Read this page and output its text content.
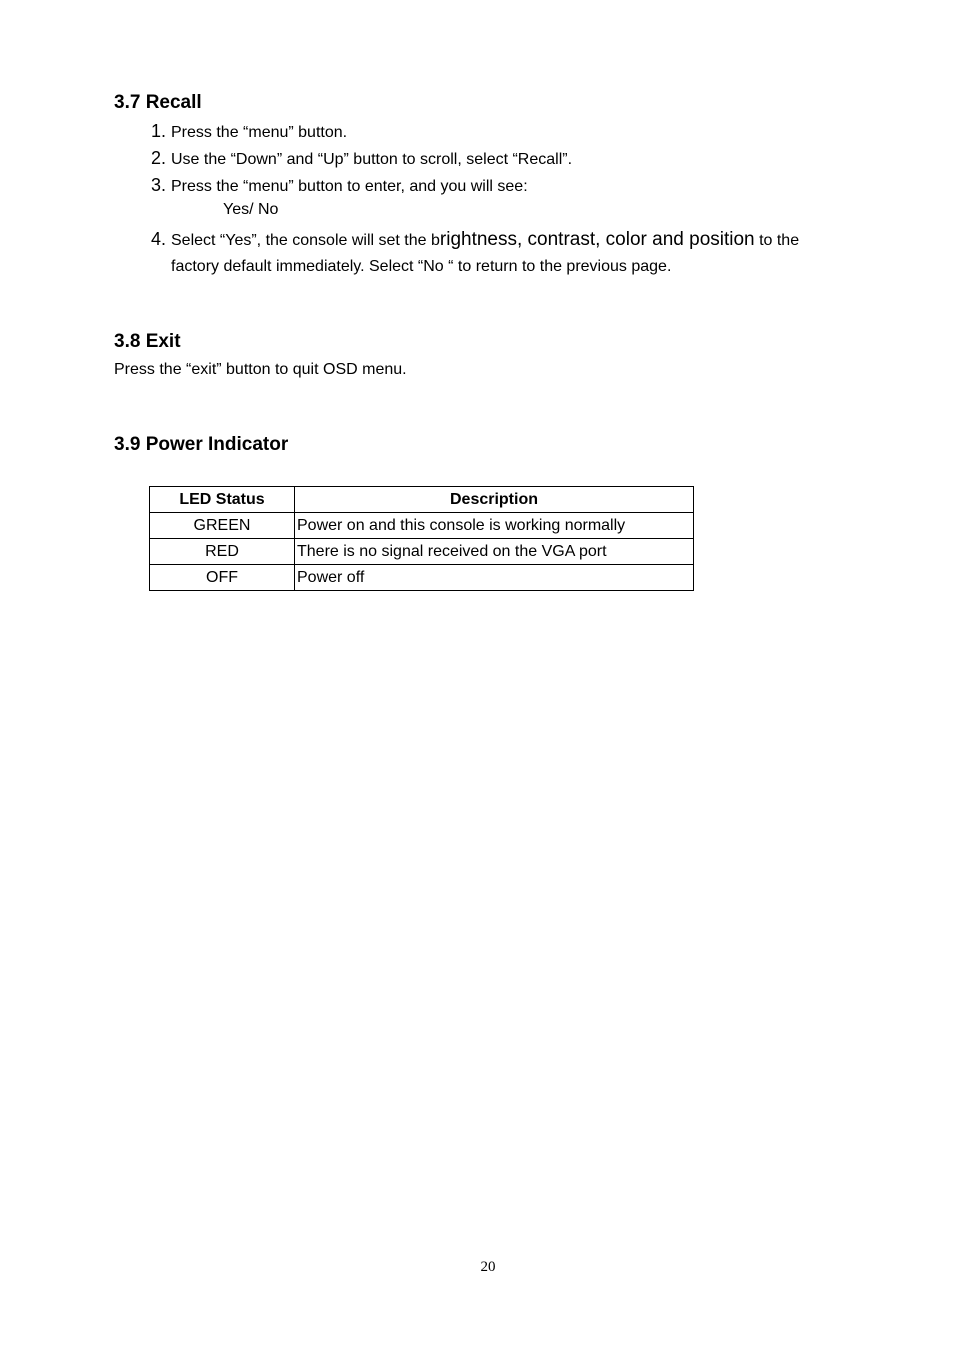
3.7 Recall
1. Press the “menu” button.
2. Use the “Down” and “Up” button to scroll, select “Recall”.
3. Press the “menu” button to enter, and you will see:
Yes/ No
4. Select “Yes”, the console will set the brightness, contrast, color and position to the
factory default immediately. Select “No “ to return to the previous page.
3.8 Exit
Press the “exit” button to quit OSD menu.
3.9 Power Indicator
LED Status	Description
GREEN	Power on and this console is working normally
RED	There is no signal received on the VGA port
OFF	Power off
20
